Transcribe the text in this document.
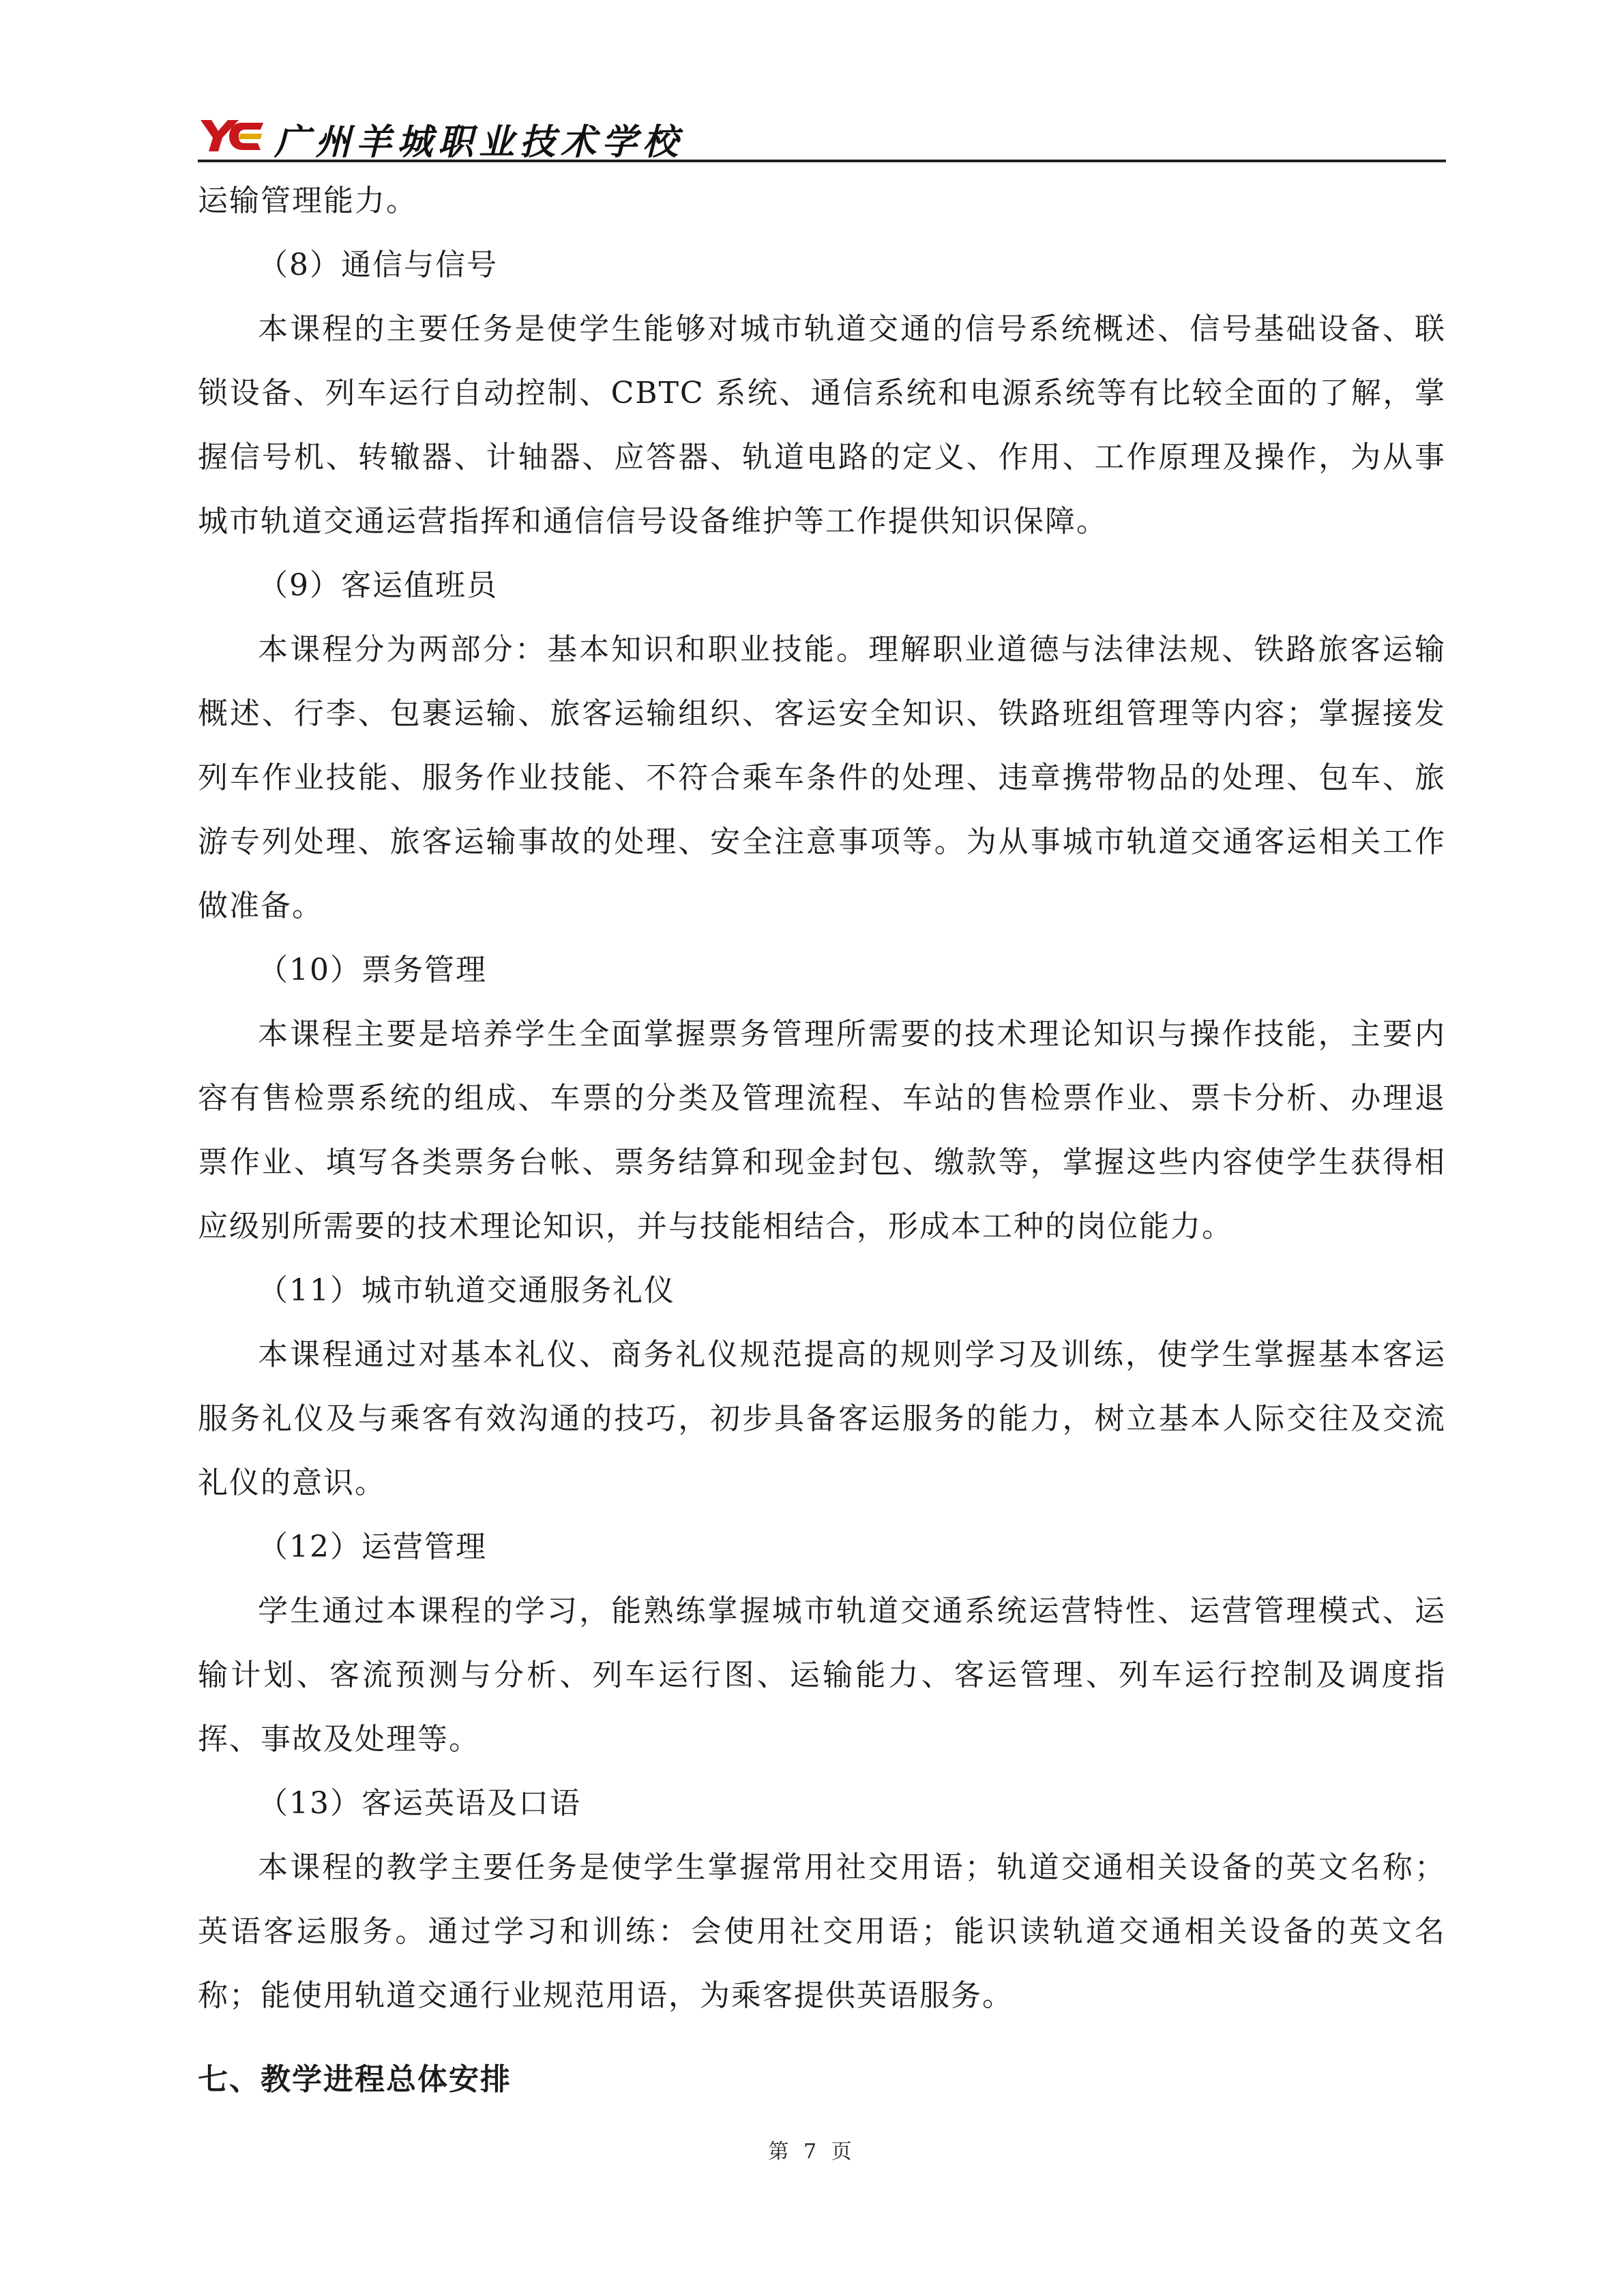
广州羊城职业技术学校

运输管理能力。

（8）通信与信号

本课程的主要任务是使学生能够对城市轨道交通的信号系统概述、信号基础设备、联锁设备、列车运行自动控制、CBTC 系统、通信系统和电源系统等有比较全面的了解，掌握信号机、转辙器、计轴器、应答器、轨道电路的定义、作用、工作原理及操作，为从事城市轨道交通运营指挥和通信信号设备维护等工作提供知识保障。

（9）客运值班员

本课程分为两部分：基本知识和职业技能。理解职业道德与法律法规、铁路旅客运输概述、行李、包裹运输、旅客运输组织、客运安全知识、铁路班组管理等内容；掌握接发列车作业技能、服务作业技能、不符合乘车条件的处理、违章携带物品的处理、包车、旅游专列处理、旅客运输事故的处理、安全注意事项等。为从事城市轨道交通客运相关工作做准备。

（10）票务管理

本课程主要是培养学生全面掌握票务管理所需要的技术理论知识与操作技能，主要内容有售检票系统的组成、车票的分类及管理流程、车站的售检票作业、票卡分析、办理退票作业、填写各类票务台帐、票务结算和现金封包、缴款等，掌握这些内容使学生获得相应级别所需要的技术理论知识，并与技能相结合，形成本工种的岗位能力。

（11）城市轨道交通服务礼仪

本课程通过对基本礼仪、商务礼仪规范提高的规则学习及训练，使学生掌握基本客运服务礼仪及与乘客有效沟通的技巧，初步具备客运服务的能力，树立基本人际交往及交流礼仪的意识。

（12）运营管理

学生通过本课程的学习，能熟练掌握城市轨道交通系统运营特性、运营管理模式、运输计划、客流预测与分析、列车运行图、运输能力、客运管理、列车运行控制及调度指挥、事故及处理等。

（13）客运英语及口语

本课程的教学主要任务是使学生掌握常用社交用语；轨道交通相关设备的英文名称；英语客运服务。通过学习和训练：会使用社交用语；能识读轨道交通相关设备的英文名称；能使用轨道交通行业规范用语，为乘客提供英语服务。

七、教学进程总体安排
第 7 页
